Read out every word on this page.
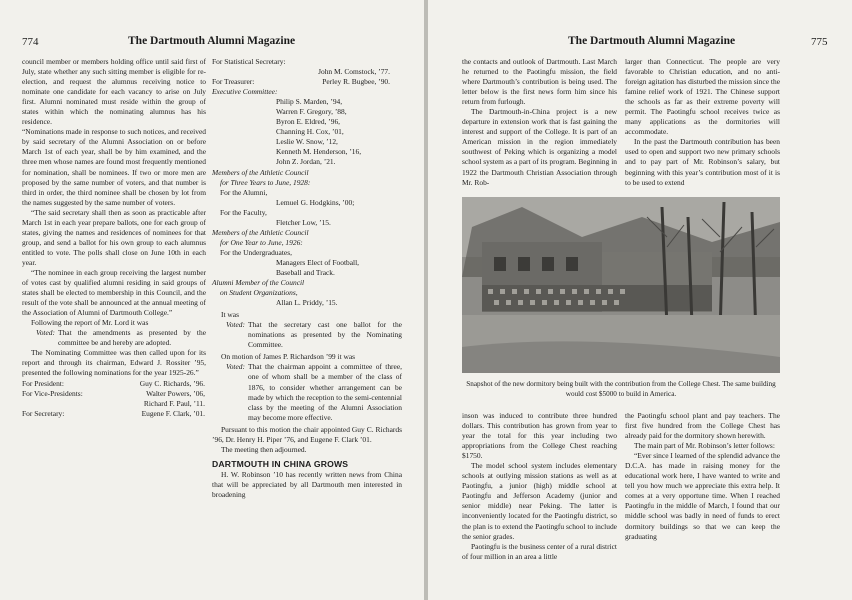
774	The Dartmouth Alumni Magazine

council member or members holding office until said first of July, state whether any such sitting member is eligible for re-election, and request the alumnus receiving notice to nominate one candidate for each vacancy to arise on July first. Alumni nominated must reside within the group of states within which the nominating alumnus has his residence.

“Nominations made in response to such notices, and received by said secretary of the Alumni Association on or before March 1st of each year, shall be by him examined, and the three men whose names are found most frequently mentioned for nomination, shall be nominees. If two or more men are proposed by the same number of voters, and that number is third in order, the third nominee shall be chosen by lot from the names suggested by the same number of voters.

“The said secretary shall then as soon as practicable after March 1st in each year prepare ballots, one for each group of states, giving the names and residences of nominees for that group, and send a ballot for his own group to each alumnus entitled to vote. The polls shall close on June 10th in each year.

“The nominee in each group receiving the largest number of votes cast by qualified alumni residing in said groups of states shall be elected to membership in this Council, and the result of the vote shall be announced at the annual meeting of the Association of Alumni of Dartmouth College.”

Following the report of Mr. Lord it was

Voted: That the amendments as presented by the committee be and hereby are adopted.

The Nominating Committee was then called upon for its report and through its chairman, Edward J. Rossiter ’95, presented the following nominations for the year 1925-26.”

For President:	Guy C. Richards, ’96.
For Vice-Presidents:	Walter Powers, ’06,
Richard F. Paul, ’11.
For Secretary:	Eugene F. Clark, ’01.

For Statistical Secretary:

John M. Comstock, ’77.

For Treasurer:	Perley R. Bugbee, ’90.

Executive Committee:

Philip S. Marden, ’94,

Warren F. Gregory, ’88,

Byron E. Eldred, ’96,

Channing H. Cox, ’01,

Leslie W. Snow, ’12,

Kenneth M. Henderson, ’16,

John Z. Jordan, ’21.

Members of the Athletic Council

for Three Years to June, 1928:

For the Alumni,

Lemuel G. Hodgkins, ’00;

For the Faculty,

Fletcher Low, ’15.

Members of the Athletic Council

for One Year to June, 1926:

For the Undergraduates,

Managers Elect of Football,

Baseball and Track.

Alumni Member of the Council

on Student Organizations,

Allan L. Priddy, ’15.

It was

Voted: That the secretary cast one ballot for the nominations as presented by the Nominating Committee.

On motion of James P. Richardson ’99 it was

Voted: That the chairman appoint a committee of three, one of whom shall be a member of the class of 1876, to consider whether arrangement can be made by which the reception to the semi-centennial class by the meeting of the Alumni Association may become more effective.

Pursuant to this motion the chair appointed Guy C. Richards ’96, Dr. Henry H. Piper ’76, and Eugene F. Clark ’01.

The meeting then adjourned.

DARTMOUTH IN CHINA GROWS

H. W. Robinson ’10 has recently written news from China that will be appreciated by all Dartmouth men interested in broadening

The Dartmouth Alumni Magazine	775

the contacts and outlook of Dartmouth. Last March he returned to the Paotingfu mission, the field where Dartmouth’s contribution is being used. The letter below is the first news form him since his return from furlough.

The Dartmouth-in-China project is a new departure in extension work that is fast gaining the interest and support of the College. It is part of an American mission in the region immediately southwest of Peking which is organizing a model school system as a part of its program. Beginning in 1922 the Dartmouth Christian Association through Mr. Rob-

larger than Connecticut. The people are very favorable to Christian education, and no anti-foreign agitation has disturbed the mission since the famine relief work of 1921. The Chinese support the schools as far as their extreme poverty will permit. The Paotingfu school receives twice as many applications as the dormitories will accommodate.

In the past the Dartmouth contribution has been used to open and support two new primary schools and to pay part of Mr. Robinson’s salary, but beginning with this year’s contribution most of it is to be used to extend

Snapshot of the new dormitory being built with the contribution from the College Chest. The same building would cost $5000 to build in America.

inson was induced to contribute three hundred dollars. This contribution has grown from year to year the total for this year including two appropriations from the College Chest reaching $1750.

The model school system includes elementary schools at outlying mission stations as well as at Paotingfu, a junior (high) middle school at Paotingfu and Jefferson Academy (junior and senior middle) near Peking. The latter is inconveniently located for the Paotingfu district, so the plan is to extend the Paotingfu school to include the senior grades.

Paotingfu is the business center of a rural district of four million in an area a little

the Paotingfu school plant and pay teachers. The first five hundred from the College Chest has already paid for the dormitory shown herewith.

The main part of Mr. Robinson’s letter follows:

“Ever since I learned of the splendid advance the D.C.A. has made in raising money for the educational work here, I have wanted to write and tell you how much we appreciate this extra help. It comes at a very opportune time. When I reached Paotingfu in the middle of March, I found that our middle school was badly in need of funds to erect dormitory buildings so that we can keep the graduating
